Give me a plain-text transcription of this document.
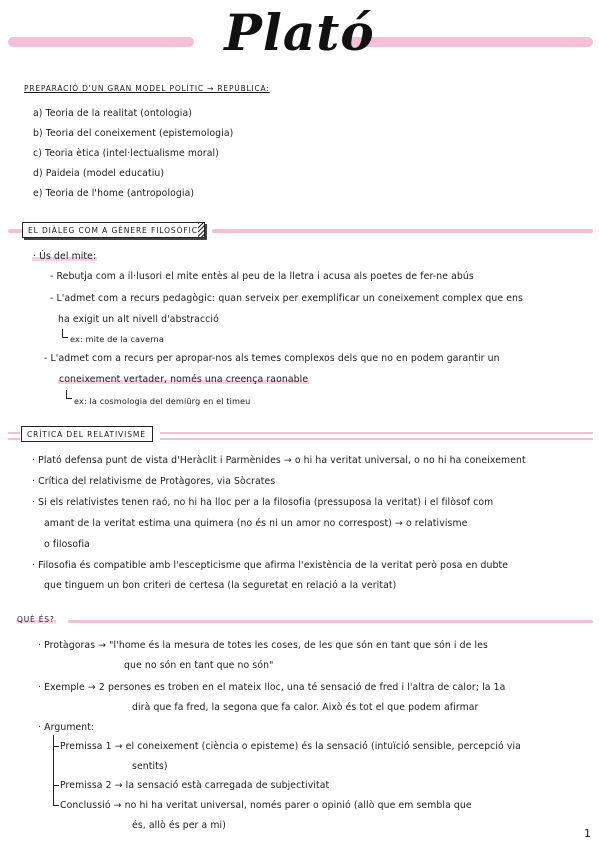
Plató
PREPARACIÓ D'UN GRAN MODEL POLÍTIC → REPÚBLICA:
a) Teoria de la realitat (ontologia)
b) Teoria del coneixement (epistemologia)
c) Teoria ètica (intel·lectualisme moral)
d) Paideia (model educatiu)
e) Teoria de l'home (antropologia)
EL DIÀLEG COM A GÈNERE FILOSÒFIC
· Ús del mite:
- Rebutja com a il·lusori el mite entès al peu de la lletra i acusa als poetes de fer-ne abús
- L'admet com a recurs pedagògic: quan serveix per exemplificar un coneixement complex que ens
ha exigit un alt nivell d'abstracció
ex: mite de la caverna
- L'admet com a recurs per apropar-nos als temes complexos dels que no en podem garantir un
coneixement vertader, només una creença raonable
ex: la cosmologia del demiürg en el timeu
CRÍTICA DEL RELATIVISME
· Plató defensa punt de vista d'Heràclit i Parmènides → o hi ha veritat universal, o no hi ha coneixement
· Crítica del relativisme de Protàgores, via Sòcrates
· Si els relativistes tenen raó, no hi ha lloc per a la filosofia (pressuposa la veritat) i el filòsof com
amant de la veritat estima una quimera (no és ni un amor no correspost) → o relativisme
o filosofia
· Filosofia és compatible amb l'escepticisme que afirma l'existència de la veritat però posa en dubte
que tinguem un bon criteri de certesa (la seguretat en relació a la veritat)
QUÈ ÉS?
· Protàgoras → "l'home és la mesura de totes les coses, de les que són en tant que són i de les
que no són en tant que no són"
· Exemple → 2 persones es troben en el mateix lloc, una té sensació de fred i l'altra de calor; la 1a
dirà que fa fred, la segona que fa calor. Això és tot el que podem afirmar
· Argument:
Premissa 1 → el coneixement (ciència o episteme) és la sensació (intuïció sensible, percepció via
sentits)
Premissa 2 → la sensació està carregada de subjectivitat
Conclussió → no hi ha veritat universal, només parer o opinió (allò que em sembla que
és, allò és per a mi)
1
